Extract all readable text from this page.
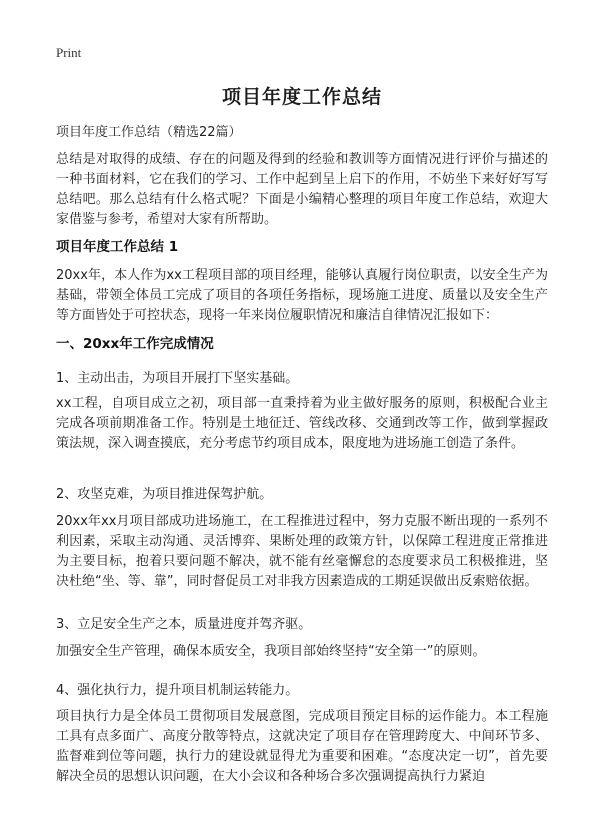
Print
项目年度工作总结
项目年度工作总结（精选22篇）
总结是对取得的成绩、存在的问题及得到的经验和教训等方面情况进行评价与描述的一种书面材料，它在我们的学习、工作中起到呈上启下的作用，不妨坐下来好好写写总结吧。那么总结有什么格式呢？下面是小编精心整理的项目年度工作总结，欢迎大家借鉴与参考，希望对大家有所帮助。
项目年度工作总结 1
20xx年，本人作为xx工程项目部的项目经理，能够认真履行岗位职责，以安全生产为基础，带领全体员工完成了项目的各项任务指标，现场施工进度、质量以及安全生产等方面皆处于可控状态，现将一年来岗位履职情况和廉洁自律情况汇报如下：
一、20xx年工作完成情况
1、主动出击，为项目开展打下坚实基础。
xx工程，自项目成立之初，项目部一直秉持着为业主做好服务的原则，积极配合业主完成各项前期准备工作。特别是土地征迁、管线改移、交通到改等工作，做到掌握政策法规，深入调查摸底，充分考虑节约项目成本，限度地为进场施工创造了条件。
2、攻坚克难，为项目推进保驾护航。
20xx年xx月项目部成功进场施工，在工程推进过程中，努力克服不断出现的一系列不利因素，采取主动沟通、灵活博弈、果断处理的政策方针，以保障工程进度正常推进为主要目标，抱着只要问题不解决，就不能有丝毫懈怠的态度要求员工积极推进，坚决杜绝“坐、等、靠”，同时督促员工对非我方因素造成的工期延误做出反索赔依据。
3、立足安全生产之本，质量进度并驾齐驱。
加强安全生产管理，确保本质安全，我项目部始终坚持“安全第一”的原则。
4、强化执行力，提升项目机制运转能力。
项目执行力是全体员工贯彻项目发展意图，完成项目预定目标的运作能力。本工程施工具有点多面广、高度分散等特点，这就决定了项目存在管理跨度大、中间环节多、监督难到位等问题，执行力的建设就显得尤为重要和困难。“态度决定一切”，首先要解决全员的思想认识问题，在大小会议和各种场合多次强调提高执行力紧迫
